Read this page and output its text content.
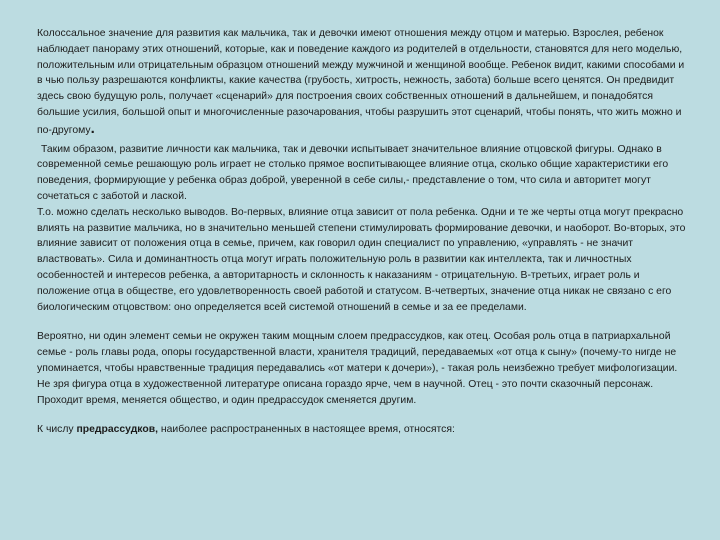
Колоссальное значение для развития как мальчика, так и девочки имеют отношения между отцом и матерью. Взрослея, ребенок наблюдает панораму этих отношений, которые, как и поведение каждого из родителей в отдельности, становятся для него моделью, положительным или отрицательным образцом отношений между мужчиной и женщиной вообще. Ребенок видит, какими способами и в чью пользу разрешаются конфликты, какие качества (грубость, хитрость, нежность, забота) больше всего ценятся. Он предвидит здесь свою будущую роль, получает «сценарий» для построения своих собственных отношений в дальнейшем, и понадобятся большие усилия, большой опыт и многочисленные разочарования, чтобы разрушить этот сценарий, чтобы понять, что жить можно и по-другому.

Таким образом, развитие личности как мальчика, так и девочки испытывает значительное влияние отцовской фигуры. Однако в современной семье решающую роль играет не столько прямое воспитывающее влияние отца, сколько общие характеристики его поведения, формирующие у ребенка образ доброй, уверенной в себе силы,- представление о том, что сила и авторитет могут сочетаться с заботой и лаской.

Т.о. можно сделать несколько выводов. Во-первых, влияние отца зависит от пола ребенка. Одни и те же черты отца могут прекрасно влиять на развитие мальчика, но в значительно меньшей степени стимулировать формирование девочки, и наоборот. Во-вторых, это влияние зависит от положения отца в семье, причем, как говорил один специалист по управлению, «управлять - не значит властвовать». Сила и доминантность отца могут играть положительную роль в развитии как интеллекта, так и личностных особенностей и интересов ребенка, а авторитарность и склонность к наказаниям - отрицательную. В-третьих, играет роль и положение отца в обществе, его удовлетворенность своей работой и статусом. В-четвертых, значение отца никак не связано с его биологическим отцовством: оно определяется всей системой отношений в семье и за ее пределами.

Вероятно, ни один элемент семьи не окружен таким мощным слоем предрассудков, как отец. Особая роль отца в патриархальной семье - роль главы рода, опоры государственной власти, хранителя традиций, передаваемых «от отца к сыну» (почему-то нигде не упоминается, чтобы нравственные традиция передавались «от матери к дочери»), - такая роль неизбежно требует мифологизации. Не зря фигура отца в художественной литературе описана гораздо ярче, чем в научной. Отец - это почти сказочный персонаж. Проходит время, меняется общество, и один предрассудок сменяется другим.

К числу предрассудков, наиболее распространенных в настоящее время, относятся:
